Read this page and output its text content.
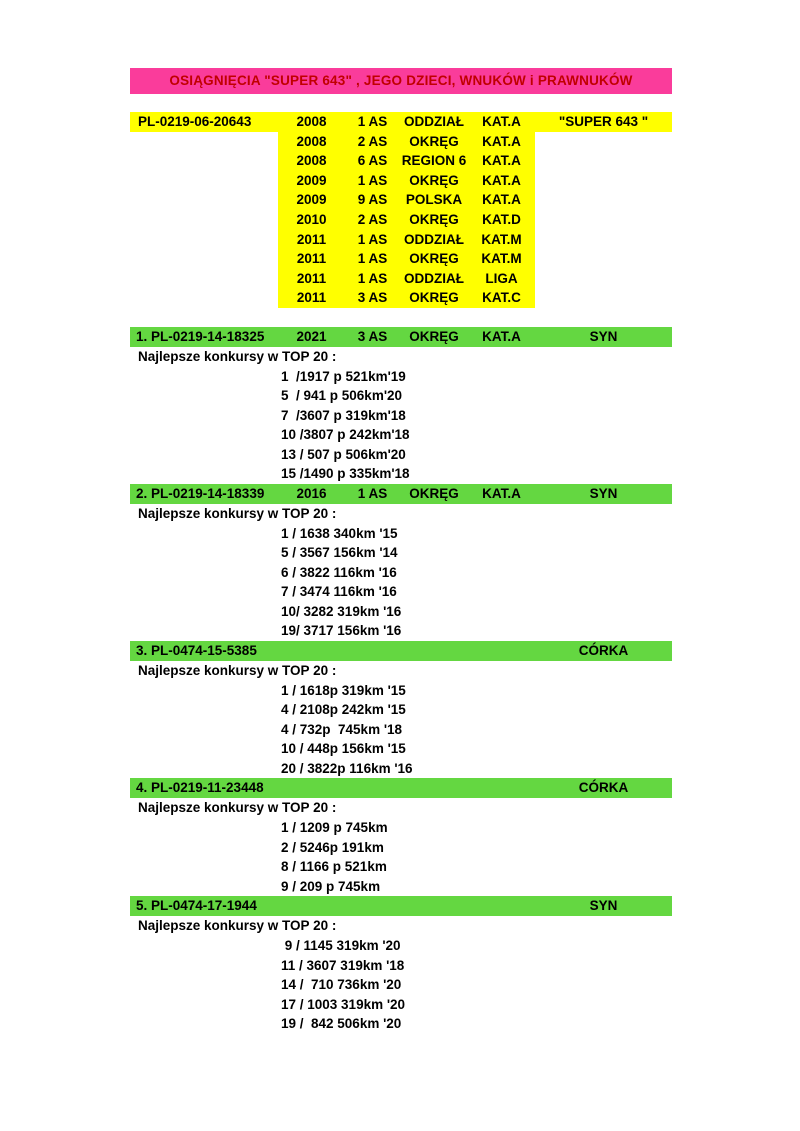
OSIĄGNIĘCIA "SUPER 643" , JEGO DZIECI, WNUKÓW i PRAWNUKÓW
PL-0219-06-20643	2008	1 AS	ODDZIAŁ	KAT.A	"SUPER 643 "
2008	2 AS	OKRĘG	KAT.A
2008	6 AS	REGION 6	KAT.A
2009	1 AS	OKRĘG	KAT.A
2009	9 AS	POLSKA	KAT.A
2010	2 AS	OKRĘG	KAT.D
2011	1 AS	ODDZIAŁ	KAT.M
2011	1 AS	OKRĘG	KAT.M
2011	1 AS	ODDZIAŁ	LIGA
2011	3 AS	OKRĘG	KAT.C
1. PL-0219-14-18325	2021	3 AS	OKRĘG	KAT.A	SYN
Najlepsze konkursy w TOP 20 :
1  /1917 p 521km'19
5  / 941 p 506km'20
7  /3607 p 319km'18
10 /3807 p 242km'18
13 / 507 p 506km'20
15 /1490 p 335km'18
2. PL-0219-14-18339	2016	1 AS	OKRĘG	KAT.A	SYN
Najlepsze konkursy w TOP 20 :
1 / 1638 340km '15
5 / 3567 156km '14
6 / 3822 116km '16
7 / 3474 116km '16
10/ 3282 319km '16
19/ 3717 156km '16
3. PL-0474-15-5385	CÓRKA
Najlepsze konkursy w TOP 20 :
1 / 1618p 319km '15
4 / 2108p 242km '15
4 / 732p  745km '18
10 / 448p 156km '15
20 / 3822p 116km '16
4. PL-0219-11-23448	CÓRKA
Najlepsze konkursy w TOP 20 :
1 / 1209 p 745km
2 / 5246p 191km
8 / 1166 p 521km
9 / 209 p 745km
5. PL-0474-17-1944	SYN
Najlepsze konkursy w TOP 20 :
9 / 1145 319km '20
11 / 3607 319km '18
14 /  710 736km '20
17 / 1003 319km '20
19 /  842 506km '20
